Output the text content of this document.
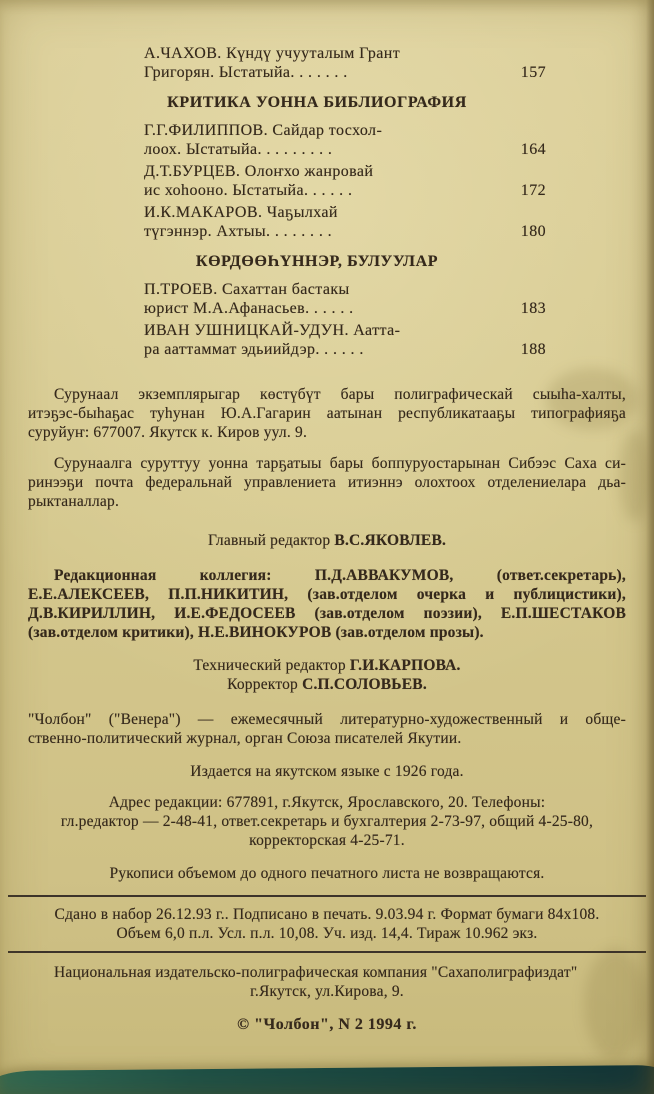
А.ЧАХОВ. Күндү учууталым Грант
Григорян. Ыстатыйа. . . . . . .	157
КРИТИКА УОННА БИБЛИОГРАФИЯ
Г.Г.ФИЛИППОВ. Сайдар тосхол-
лоох. Ыстатыйа. . . . . . . . .	164
Д.Т.БУРЦЕВ. Олоҥхо жанровай
ис хоһооно. Ыстатыйа. . . . . .	172
И.К.МАКАРОВ. Чаҕылхай
түгэннэр. Ахтыы. . . . . . . .	180
КӨРДӨӨҺҮННЭР, БУЛУУЛАР
П.ТРОЕВ. Сахаттан бастакы
юрист М.А.Афанасьев. . . . . .	183
ИВАН УШНИЦКАЙ-УДУН. Аатта-
ра ааттаммат эдьиийдэр. . . . . .	188

Сурунаал экземплярыгар көстүбүт бары полиграфическай сыыһа-халты,
итэҕэс-быһаҕас туһунан Ю.А.Гагарин аатынан республикатааҕы типографияҕа
суруйуҥ: 677007. Якутск к. Киров уул. 9.

Сурунаалга суруттуу уонна тарҕатыы бары боппуруостарынан Сибээс Саха си-
ринээҕи почта федеральнай управлениета итиэннэ олохтоох отделениелара дьа-
рыктаналлар.

Главный редактор В.С.ЯКОВЛЕВ.

Редакционная коллегия: П.Д.АВВАКУМОВ, (ответ.секретарь),
Е.Е.АЛЕКСЕЕВ, П.П.НИКИТИН, (зав.отделом очерка и публицистики),
Д.В.КИРИЛЛИН, И.Е.ФЕДОСЕЕВ (зав.отделом поэзии), Е.П.ШЕСТАКОВ
(зав.отделом критики), Н.Е.ВИНОКУРОВ (зав.отделом прозы).

Технический редактор Г.И.КАРПОВА.

Корректор С.П.СОЛОВЬЕВ.

"Чолбон" ("Венера") — ежемесячный литературно-художественный и обще-
ственно-политический журнал, орган Союза писателей Якутии.

Издается на якутском языке с 1926 года.

Адрес редакции: 677891, г.Якутск, Ярославского, 20. Телефоны:
гл.редактор — 2-48-41, ответ.секретарь и бухгалтерия 2-73-97, общий 4-25-80,
корректорская 4-25-71.

Рукописи объемом до одного печатного листа не возвращаются.

Сдано в набор 26.12.93 г.. Подписано в печать. 9.03.94 г. Формат бумаги 84х108.
Объем 6,0 п.л. Усл. п.л. 10,08. Уч. изд. 14,4. Тираж 10.962 экз.

Национальная издательско-полиграфическая компания "Сахаполиграфиздат"
г.Якутск, ул.Кирова, 9.

© "Чолбон", N 2 1994 г.
